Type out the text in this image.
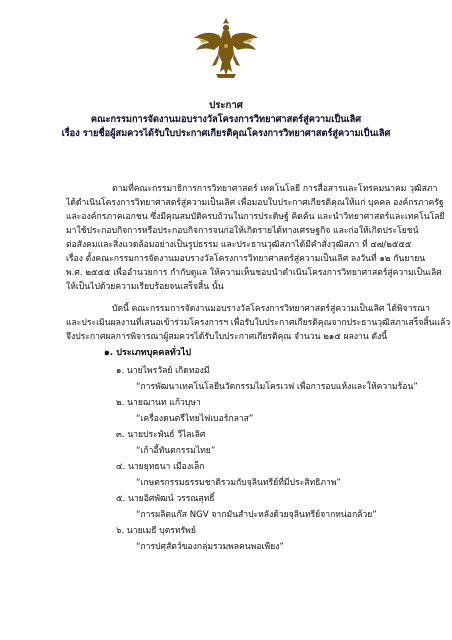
ประกาศ
คณะกรรมการจัดงานมอบรางวัลโครงการวิทยาศาสตร์สู่ความเป็นเลิศ
เรื่อง รายชื่อผู้สมควรได้รับใบประกาศเกียรติคุณโครงการวิทยาศาสตร์สู่ความเป็นเลิศ
ตามที่คณะกรรมาธิการการวิทยาศาสตร์ เทคโนโลยี การสื่อสารและโทรคมนาคม วุฒิสภา
ได้ดำเนินโครงการวิทยาศาสตร์สู่ความเป็นเลิศ เพื่อมอบใบประกาศเกียรติคุณให้แก่ บุคคล องค์กรภาครัฐ
และองค์กรภาคเอกชน ซึ่งมีคุณสมบัติครบถ้วนในการประดิษฐ์ คิดค้น และนำวิทยาศาสตร์และเทคโนโลยี
มาใช้ประกอบกิจการหรือประกอบกิจการจนก่อให้เกิดรายได้ทางเศรษฐกิจ และก่อให้เกิดประโยชน์
ต่อสังคมและสิ่งแวดล้อมอย่างเป็นรูปธรรม และประธานวุฒิสภาได้มีคำสั่งวุฒิสภา ที่ ๔๗/๒๕๕๕
เรื่อง ตั้งคณะกรรมการจัดงานมอบรางวัลโครงการวิทยาศาสตร์สู่ความเป็นเลิศ ลงวันที่ ๑๒ กันยายน
พ.ศ. ๒๕๕๕ เพื่ออำนวยการ กำกับดูแล ให้ความเห็นชอบนำดำเนินโครงการวิทยาศาสตร์สู่ความเป็นเลิศ
ให้เป็นไปด้วยความเรียบร้อยจนเสร็จสิ้น นั้น
บัดนี้ คณะกรรมการจัดงานมอบรางวัลโครงการวิทยาศาสตร์สู่ความเป็นเลิศ ได้พิจารณา
และประเมินผลงานที่เสนอเข้าร่วมโครงการฯ เพื่อรับใบประกาศเกียรติคุณจากประธานวุฒิสภาเสร็จสิ้นแล้ว
จึงประกาศผลการพิจารณาผู้สมควรได้รับใบประกาศเกียรติคุณ จำนวน ๒๑๕ ผลงาน ดังนี้
๑. ประเภทบุคคลทั่วไป
๑. นายไพรวัลย์ เกิดทองมี
“การพัฒนาเทคโนโลยีนวัตกรรมไมโครเวฟ เพื่อการอบแห้งและให้ความร้อน”
๒. นายฌานท แก้วบุษา
“เครื่องดนตรีไทยไฟเบอร์กลาส”
๓. นายประพันธ์ วีไลเลิศ
“เก้าอี้ทันตกรรมไทย”
๔. นายยุทธนา เมืองเล็ก
“เกษตรกรรมธรรมชาติรวมกับจุลินทรีย์ที่มีประสิทธิภาพ”
๕. นายอิศพัฒน์ วรรณสุทธิ์
“การผลิตแก๊ส NGV จากมันสำปะหลังด้วยจุลินทรีย์จากหน่อกล้วย”
๖. นายเมธี บุตรทรัพย์
“การปศุสัตว์ของกลุ่มรวมพลคนพอเพียง”
